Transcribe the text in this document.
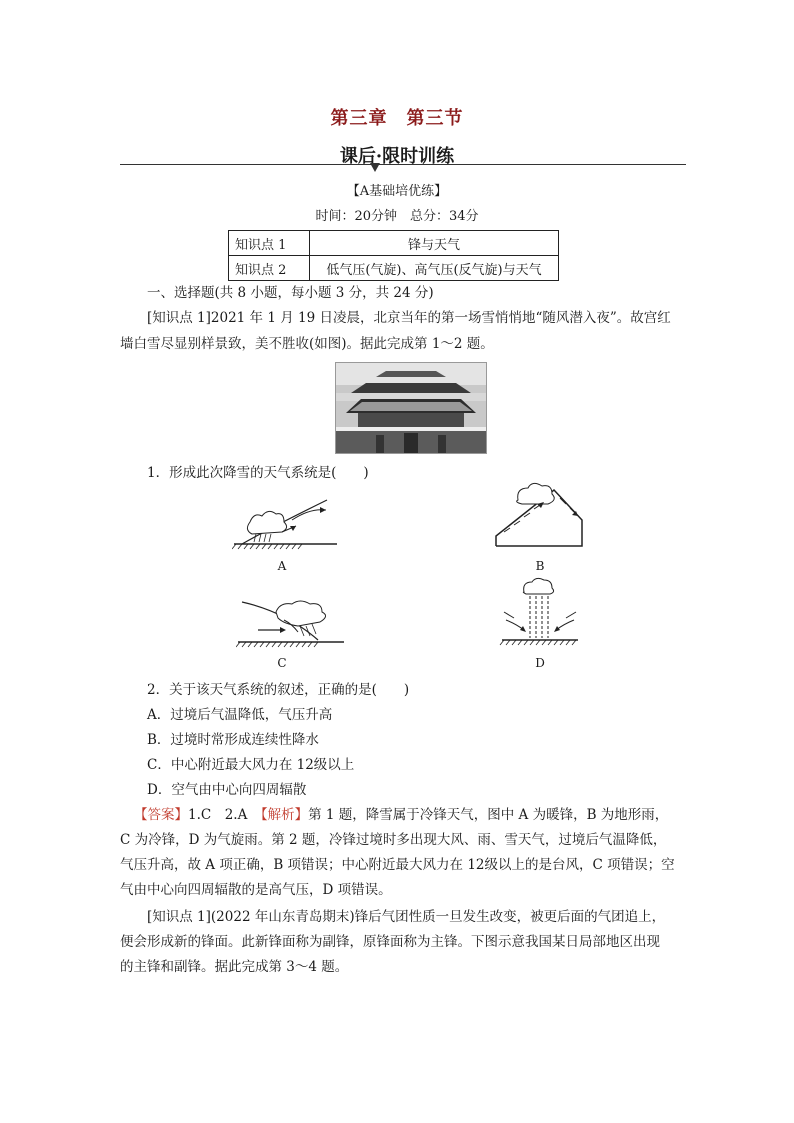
第三章　第三节
课后·限时训练
【A基础培优练】
时间：20分钟　总分：34分
知识点 1	锋与天气
知识点 2	低气压(气旋)、高气压(反气旋)与天气
一、选择题(共 8 小题，每小题 3 分，共 24 分)
[知识点 1]2021 年 1 月 19 日凌晨，北京当年的第一场雪悄悄地“随风潜入夜”。故宫红
墙白雪尽显别样景致，美不胜收(如图)。据此完成第 1～2 题。
1．形成此次降雪的天气系统是(　　)
A	B
C	D
2．关于该天气系统的叙述，正确的是(　　)
A．过境后气温降低，气压升高
B．过境时常形成连续性降水
C．中心附近最大风力在 12级以上
D．空气由中心向四周辐散
【答案】1.C　2.A　【解析】第 1 题，降雪属于冷锋天气，图中 A 为暖锋，B 为地形雨，
C 为冷锋，D 为气旋雨。第 2 题，冷锋过境时多出现大风、雨、雪天气，过境后气温降低，
气压升高，故 A 项正确，B 项错误；中心附近最大风力在 12级以上的是台风，C 项错误；空
气由中心向四周辐散的是高气压，D 项错误。
[知识点 1](2022 年山东青岛期末)锋后气团性质一旦发生改变，被更后面的气团追上，
便会形成新的锋面。此新锋面称为副锋，原锋面称为主锋。下图示意我国某日局部地区出现
的主锋和副锋。据此完成第 3～4 题。
